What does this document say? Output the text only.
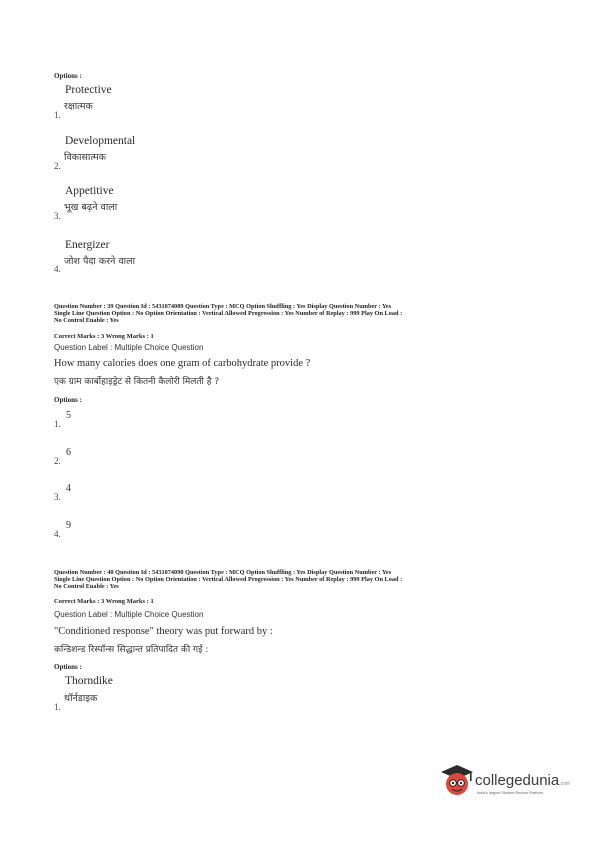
Options :
Protective
रक्षात्मक
1.
Developmental
विकासात्मक
2.
Appetitive
भूख बढ़ने वाला
3.
Energizer
जोश पैदा करने वाला
4.
Question Number : 39 Question Id : 5431074089 Question Type : MCQ Option Shuffling : Yes Display Question Number : Yes
Single Line Question Option : No Option Orientation : Vertical Allowed Progression : Yes Number of Replay : 999 Play On Load :
No Control Enable : Yes
Correct Marks : 3 Wrong Marks : 1
Question Label : Multiple Choice Question
How many calories does one gram of carbohydrate provide ?
एक ग्राम कार्बोहाइड्रेट से कितनी कैलोरी मिलती है ?
Options :
5
1.
6
2.
4
3.
9
4.
Question Number : 40 Question Id : 5431074090 Question Type : MCQ Option Shuffling : Yes Display Question Number : Yes
Single Line Question Option : No Option Orientation : Vertical Allowed Progression : Yes Number of Replay : 999 Play On Load :
No Control Enable : Yes
Correct Marks : 3 Wrong Marks : 1
Question Label : Multiple Choice Question
"Conditioned response" theory was put forward by :
कन्डिशन्ड रिस्पॉन्स सिद्धान्त प्रतिपादित की गई :
Options :
Thorndike
थॉर्नडाइक
1.
collegedunia.com
India's largest Student Review Platform
